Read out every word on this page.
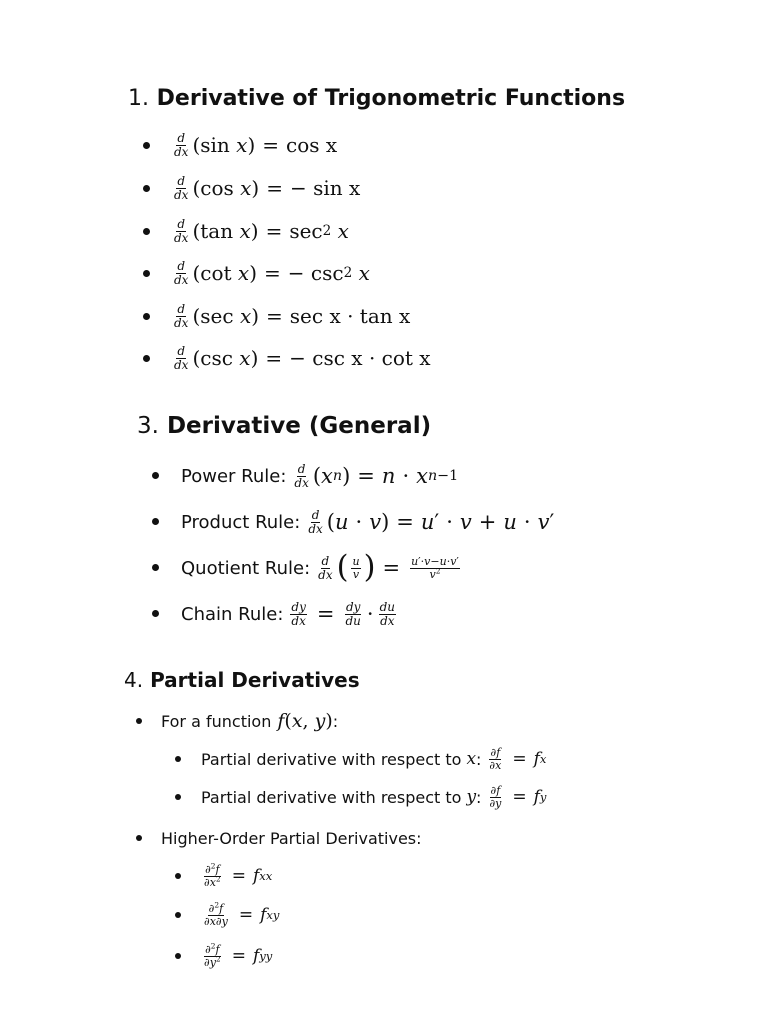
1. Derivative of Trigonometric Functions
$\frac{d}{dx}$ ( sin
x ) = cos x
$\frac{d}{dx}$ ( cos
x ) = −
sin x
$\frac{d}{dx}$ ( tan
x ) = sec 2
x
$\frac{d}{dx}$ ( cot
x ) = −
csc 2
x
$\frac{d}{dx}$ ( sec
x ) = sec x · tan x
$\frac{d}{dx}$ ( csc
x ) = −
csc x · cot x
3. Derivative (General)
Power Rule: $\frac{d}{dx}$ ( x n ) = n · x n−1
Product Rule: $\frac{d}{dx}$ ( u · v ) = u ′ · v + u · v ′
Quotient Rule: $\frac{d}{dx}$ ( $\frac{u}{v}$ ) = $\frac{u'\cdot v-u\cdot v'}{v^2}$
Chain Rule: $\frac{dy}{dx} = \frac{dy}{du} \cdot \frac{du}{dx}$
4. Partial Derivatives
For a function f ( x , y ) :
Partial derivative with respect to x : $\frac{\partial f}{\partial x} = f$ x
Partial derivative with respect to y : $\frac{\partial f}{\partial y} = f$ y
Higher-Order Partial Derivatives:
$\frac{\partial^2f}{\partial x^2} = f$ xx
$\frac{\partial^2f}{\partial x\partial y} = f$ xy
$\frac{\partial^2f}{\partial y^2} = f$ yy
